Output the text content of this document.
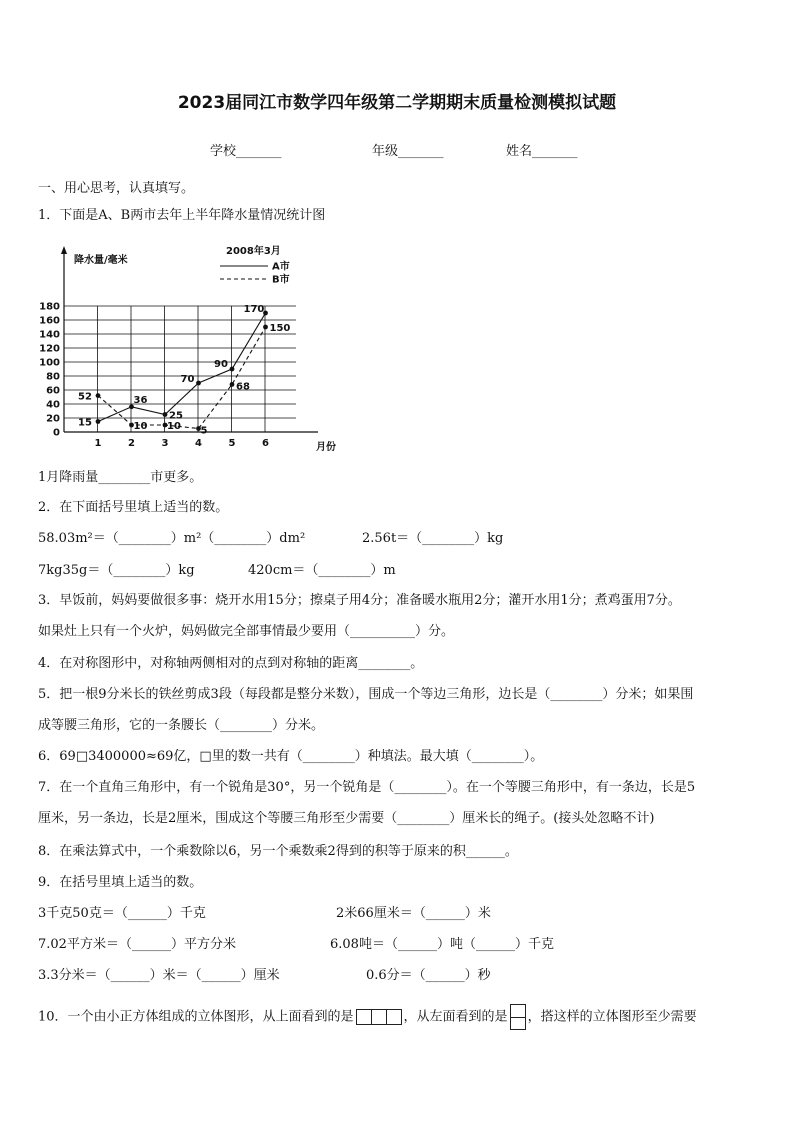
2023届同江市数学四年级第二学期期末质量检测模拟试题
学校_______	年级_______	姓名_______
一、用心思考，认真填写。
1．下面是A、B两市去年上半年降水量情况统计图
0
20
40
60
80
100
120
140
160
180
1	2	3	4	5	6
15
36
25
70
90
170
52
10 10 5
68
150
降水量/毫米
月份
2008年3月
A市
B市
1月降雨量________市更多。
2．在下面括号里填上适当的数。
58.03m²＝（________）m²（________）dm²	2.56t＝（________）kg
7kg35g＝（________）kg	420cm＝（________）m
3．早饭前，妈妈要做很多事：烧开水用15分；擦桌子用4分；准备暖水瓶用2分；灌开水用1分；煮鸡蛋用7分。
如果灶上只有一个火炉，妈妈做完全部事情最少要用（__________）分。
4．在对称图形中，对称轴两侧相对的点到对称轴的距离________。
5．把一根9分米长的铁丝剪成3段（每段都是整分米数），围成一个等边三角形，边长是（________）分米；如果围
成等腰三角形，它的一条腰长（________）分米。
6．69□3400000≈69亿，□里的数一共有（________）种填法。最大填（________）。
7．在一个直角三角形中，有一个锐角是30°，另一个锐角是（________）。在一个等腰三角形中，有一条边，长是5
厘米，另一条边，长是2厘米，围成这个等腰三角形至少需要（________）厘米长的绳子。(接头处忽略不计)
8．在乘法算式中，一个乘数除以6，另一个乘数乘2得到的积等于原来的积______。
9．在括号里填上适当的数。
3千克50克＝（______）千克	2米66厘米＝（______）米
7.02平方米＝（______）平方分米	6.08吨＝（______）吨（______）千克
3.3分米＝（______）米＝（______）厘米	0.6分＝（______）秒
10．一个由小正方体组成的立体图形，从上面看到的是	，从左面看到的是 ，搭这样的立体图形至少需要
